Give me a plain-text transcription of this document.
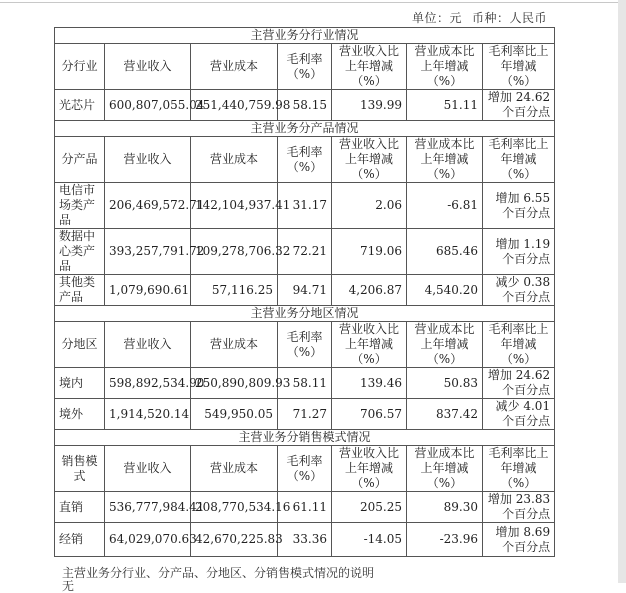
单位：元 币种：人民币
主营业务分行业情况						
分行业	营业收入	营业成本	毛利率（%）	营业收入比上年增减（%）	营业成本比上年增减（%）	毛利率比上年增减（%）
光芯片	600,807,055.04	251,440,759.98	58.15	139.99	51.11	增加 24.62 个百分点
主营业务分产品情况						
分产品	营业收入	营业成本	毛利率（%）	营业收入比上年增减（%）	营业成本比上年增减（%）	毛利率比上年增减（%）
电信市场类产品	206,469,572.71	142,104,937.41	31.17	2.06	-6.81	增加 6.55 个百分点
数据中心类产品	393,257,791.72	109,278,706.32	72.21	719.06	685.46	增加 1.19 个百分点
其他类产品	1,079,690.61	57,116.25	94.71	4,206.87	4,540.20	减少 0.38 个百分点
主营业务分地区情况						
分地区	营业收入	营业成本	毛利率（%）	营业收入比上年增减（%）	营业成本比上年增减（%）	毛利率比上年增减（%）
境内	598,892,534.90	250,890,809.93	58.11	139.46	50.83	增加 24.62 个百分点
境外	1,914,520.14	549,950.05	71.27	706.57	837.42	减少 4.01 个百分点
主营业务分销售模式情况						
销售模式	营业收入	营业成本	毛利率（%）	营业收入比上年增减（%）	营业成本比上年增减（%）	毛利率比上年增减（%）
直销	536,777,984.41	208,770,534.16	61.11	205.25	89.30	增加 23.83 个百分点
经销	64,029,070.63	42,670,225.83	33.36	-14.05	-23.96	增加 8.69 个百分点
主营业务分行业、分产品、分地区、分销售模式情况的说明
无
